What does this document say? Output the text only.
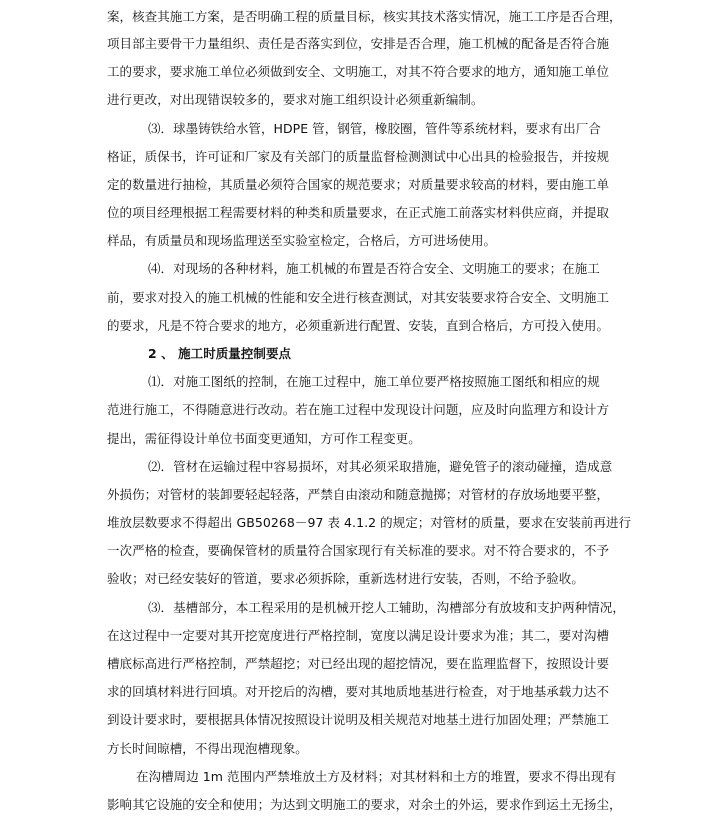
案，核查其施工方案，是否明确工程的质量目标，核实其技术落实情况，施工工序是否合理，
项目部主要骨干力量组织、责任是否落实到位，安排是否合理，施工机械的配备是否符合施
工的要求，要求施工单位必须做到安全、文明施工，对其不符合要求的地方，通知施工单位
进行更改，对出现错误较多的，要求对施工组织设计必须重新编制。
⑶．球墨铸铁给水管，HDPE 管，钢管，橡胶圈，管件等系统材料，要求有出厂合
格证，质保书，许可证和厂家及有关部门的质量监督检测测试中心出具的检验报告，并按规
定的数量进行抽检，其质量必须符合国家的规范要求；对质量要求较高的材料，要由施工单
位的项目经理根据工程需要材料的种类和质量要求，在正式施工前落实材料供应商，并提取
样品，有质量员和现场监理送至实验室检定，合格后，方可进场使用。
⑷．对现场的各种材料，施工机械的布置是否符合安全、文明施工的要求；在施工
前，要求对投入的施工机械的性能和安全进行核查测试，对其安装要求符合安全、文明施工
的要求，凡是不符合要求的地方，必须重新进行配置、安装，直到合格后，方可投入使用。
2 、 施工时质量控制要点
⑴．对施工图纸的控制，在施工过程中，施工单位要严格按照施工图纸和相应的规
范进行施工，不得随意进行改动。若在施工过程中发现设计问题，应及时向监理方和设计方
提出，需征得设计单位书面变更通知，方可作工程变更。
⑵．管材在运输过程中容易损坏，对其必须采取措施，避免管子的滚动碰撞，造成意
外损伤；对管材的装卸要轻起轻落，严禁自由滚动和随意抛掷；对管材的存放场地要平整，
堆放层数要求不得超出 GB50268－97 表 4.1.2 的规定；对管材的质量，要求在安装前再进行
一次严格的检查，要确保管材的质量符合国家现行有关标准的要求。对不符合要求的，不予
验收；对已经安装好的管道，要求必须拆除，重新选材进行安装，否则，不给予验收。
⑶．基槽部分，本工程采用的是机械开挖人工辅助，沟槽部分有放坡和支护两种情况，
在这过程中一定要对其开挖宽度进行严格控制，宽度以满足设计要求为准；其二，要对沟槽
槽底标高进行严格控制，严禁超挖；对已经出现的超挖情况，要在监理监督下，按照设计要
求的回填材料进行回填。对开挖后的沟槽，要对其地质地基进行检查，对于地基承载力达不
到设计要求时，要根据具体情况按照设计说明及相关规范对地基土进行加固处理；严禁施工
方长时间晾槽，不得出现泡槽现象。
在沟槽周边 1m 范围内严禁堆放土方及材料；对其材料和土方的堆置，要求不得出现有
影响其它设施的安全和使用；为达到文明施工的要求，对余土的外运，要求作到运土无扬尘，
